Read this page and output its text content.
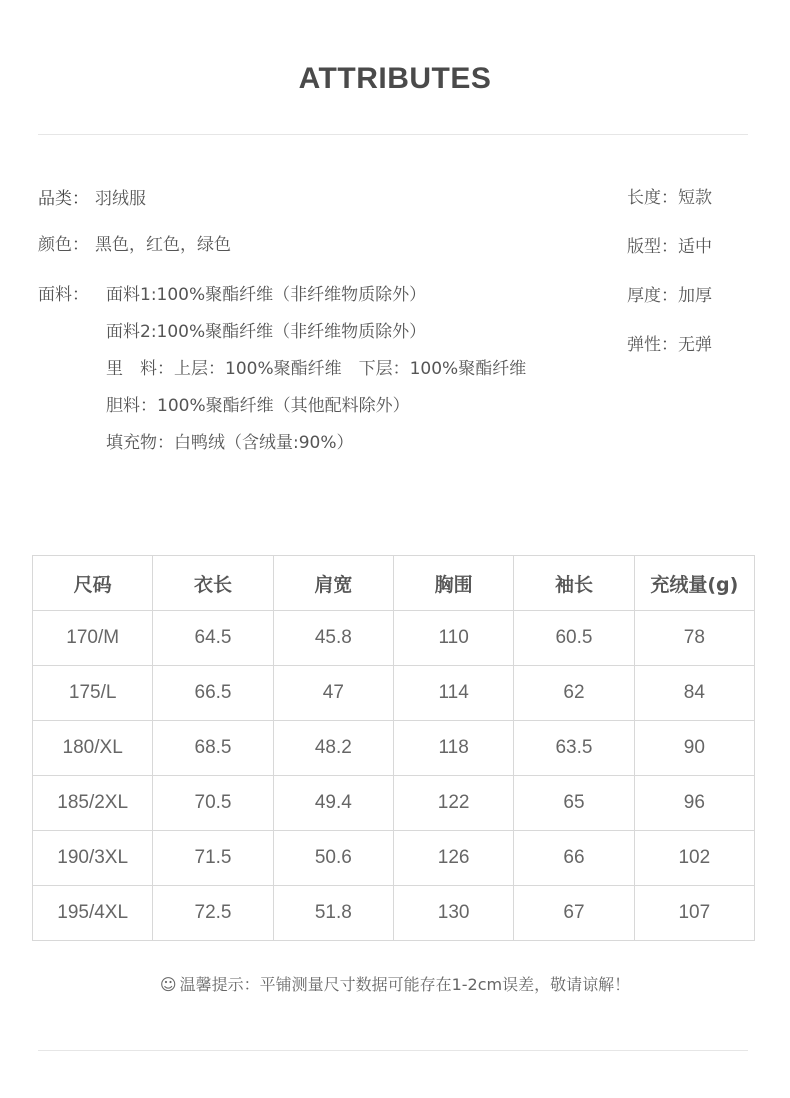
ATTRIBUTES
品类： 羽绒服
颜色： 黑色，红色，绿色
面料： 面料1:100%聚酯纤维（非纤维物质除外）
面料2:100%聚酯纤维（非纤维物质除外）
里　料：上层：100%聚酯纤维　下层：100%聚酯纤维
胆料：100%聚酯纤维（其他配料除外）
填充物：白鸭绒（含绒量:90%）
长度：短款
版型：适中
厚度：加厚
弹性：无弹
尺码	衣长	肩宽	胸围	袖长	充绒量(g)
170/M	64.5	45.8	110	60.5	78
175/L	66.5	47	114	62	84
180/XL	68.5	48.2	118	63.5	90
185/2XL	70.5	49.4	122	65	96
190/3XL	71.5	50.6	126	66	102
195/4XL	72.5	51.8	130	67	107
☺ 温馨提示：平铺测量尺寸数据可能存在1-2cm误差，敬请谅解！
